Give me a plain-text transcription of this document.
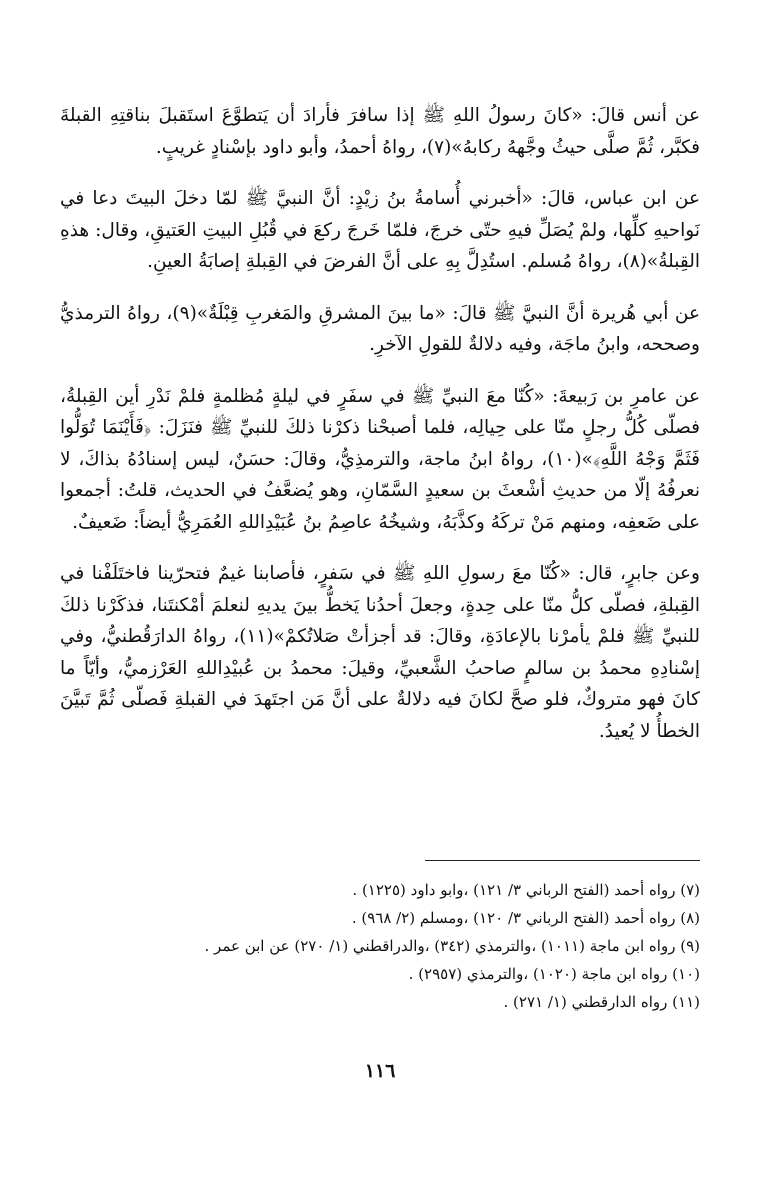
عن أنس قالَ: «كانَ رسولُ اللهِ ﷺ إذا سافرَ فأرادَ أن يَتطوَّعَ استَقبلَ بناقتِهِ القبلةَ فكبَّر، ثُمَّ صلَّى حيثُ وجَّههُ ركابهُ»(٧)، رواهُ أحمدُ، وأبو داود بإسْنادٍ غريبٍ.

عن ابن عباس، قالَ: «أخبرني أُسامةُ بنُ زيْدٍ: أنَّ النبيَّ ﷺ لمّا دخلَ البيتَ دعا في نَواحيهِ كلِّها، ولمْ يُصَلِّ فيهِ حتّى خرجَ، فلمّا خَرجَ ركعَ في قُبُلِ البيتِ العَتيقِ، وقال: هذهِ القِبلةُ»(٨)، رواهُ مُسلم. استُدِلَّ بِهِ على أنَّ الفرضَ في القِبلةِ إصابَةُ العينِ.

عن أبي هُريرة أنَّ النبيَّ ﷺ قالَ: «ما بينَ المشرقِ والمَغربِ قِبْلَةٌ»(٩)، رواهُ الترمذيُّ وصححه، وابنُ ماجَة، وفيه دلالةٌ للقولِ الآخرِ.

عن عامرِ بن رَبيعةَ: «كُنّا معَ النبيِّ ﷺ في سفَرٍ في ليلةٍ مُظلمةٍ فلمْ نَدْرِ أين القِبلةُ، فصلّى كُلُّ رجلٍ منّا على حِيالِه، فلما أصبحْنا ذكرْنا ذلكَ للنبيِّ ﷺ فنَزَلَ: ﴿فَأَيْنَمَا تُوَلُّوا فَثَمَّ وَجْهُ اللَّهِ﴾»(١٠)، رواهُ ابنُ ماجة، والترمذِيُّ، وقالَ: حسَنٌ، ليس إسنادُهُ بذاكَ، لا نعرفُهُ إلّا من حديثِ أشْعثَ بن سعيدٍ السَّمّانِ، وهو يُضعَّفُ في الحديث، قلتُ: أجمعوا على ضَعفِه، ومنهم مَنْ تركَهُ وكذَّبَهُ، وشيخُهُ عاصِمُ بنُ عُبَيْدِاللهِ العُمَرِيُّ أيضاً: ضَعيفٌ.

وعن جابرٍ، قال: «كُنّا معَ رسولِ اللهِ ﷺ في سَفرٍ، فأصابنا غيمٌ فتحرّينا فاختَلَفْنا في القِبلةِ، فصلّى كلُّ منّا على حِدةٍ، وجعلَ أحدُنا يَخطُّ بينَ يديهِ لنعلمَ أمْكنتَنا، فذكَرْنا ذلكَ للنبيِّ ﷺ فلمْ يأمرْنا بالإعادَةِ، وقالَ: قد أجزأتْ صَلاتُكمْ»(١١)، رواهُ الدارَقُطنيُّ، وفي إسْنادِهِ محمدُ بن سالمٍ صاحبُ الشَّعبيِّ، وقيلَ: محمدُ بن عُبيْدِاللهِ العَرْزميُّ، وأيّاً ما كانَ فهو متروكٌ، فلو صحَّ لكانَ فيه دلالةٌ على أنَّ مَن اجتَهدَ في القبلةِ فَصلّى ثُمَّ تَبيَّنَ الخطأُ لا يُعيدُ.

(٧) رواه أحمد (الفتح الرباني ٣/ ١٢١) ،وابو داود (١٢٢٥) .

(٨) رواه أحمد (الفتح الرباني ٣/ ١٢٠) ،ومسلم (٢/ ٩٦٨) .

(٩) رواه ابن ماجة (١٠١١) ،والترمذي (٣٤٢) ،والدراقطني (١/ ٢٧٠) عن ابن عمر .

(١٠) رواه ابن ماجة (١٠٢٠) ،والترمذي (٢٩٥٧) .

(١١) رواه الدارقطني (١/ ٢٧١) .

١١٦
